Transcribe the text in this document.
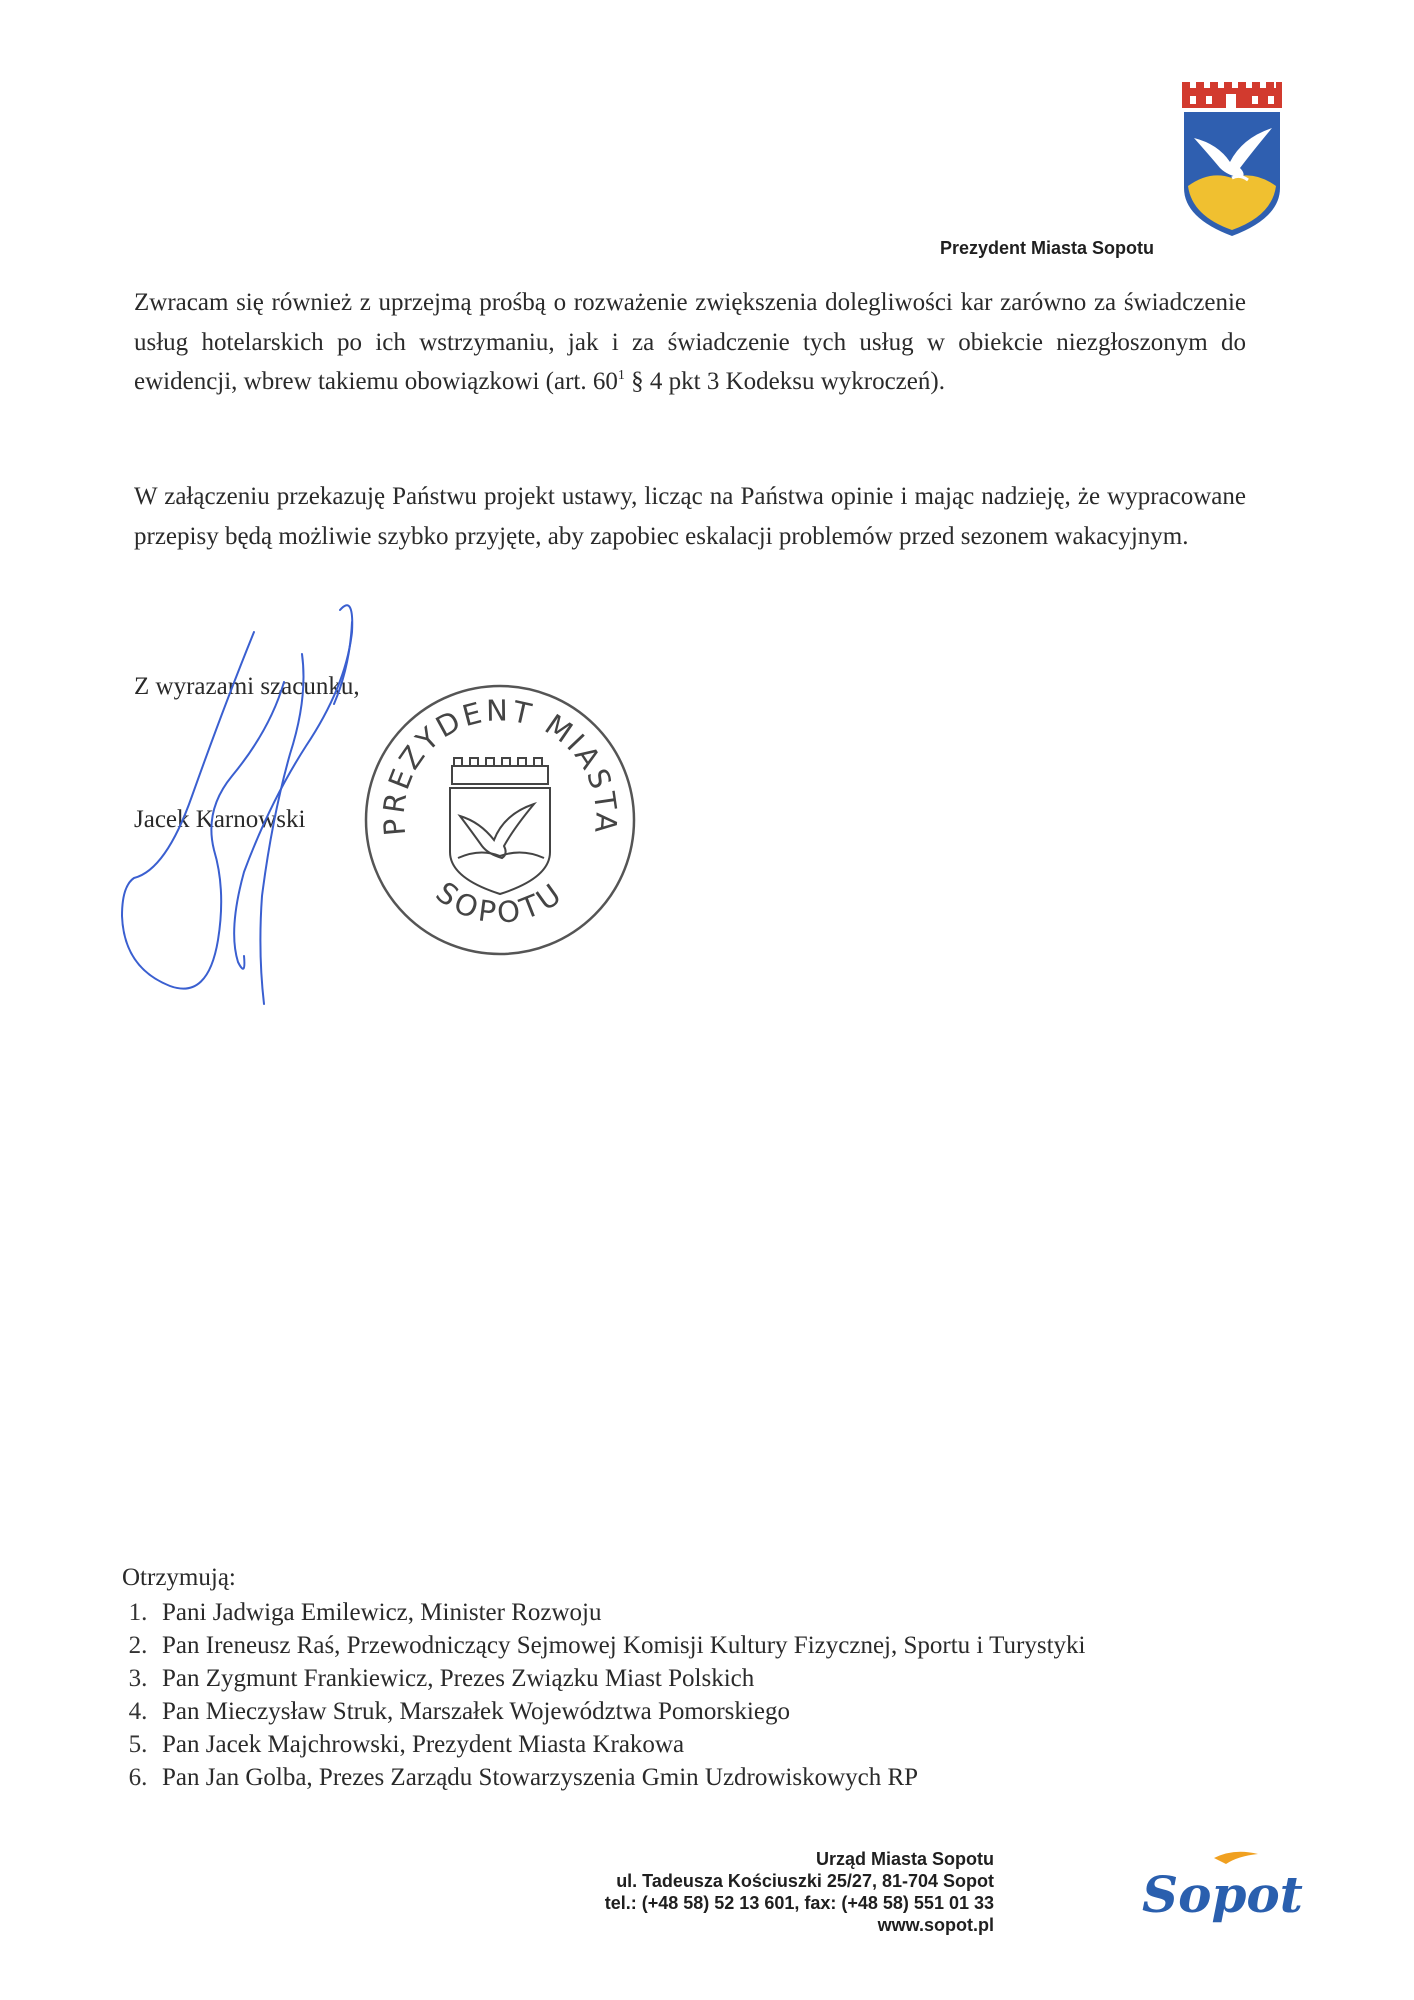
Prezydent Miasta Sopotu

Zwracam się również z uprzejmą prośbą o rozważenie zwiększenia dolegliwości kar zarówno za świadczenie usług hotelarskich po ich wstrzymaniu, jak i za świadczenie tych usług w obiekcie niezgłoszonym do ewidencji, wbrew takiemu obowiązkowi (art. $60^1$ § 4 pkt 3 Kodeksu wykroczeń).

W załączeniu przekazuję Państwu projekt ustawy, licząc na Państwa opinie i mając nadzieję, że wypracowane przepisy będą możliwie szybko przyjęte, aby zapobiec eskalacji problemów przed sezonem wakacyjnym.

Z wyrazami szacunku,
Jacek Karnowski PREZYDENT MIASTA
SOPOTU
Otrzymują:
1. Pani Jadwiga Emilewicz, Minister Rozwoju
2. Pan Ireneusz Raś, Przewodniczący Sejmowej Komisji Kultury Fizycznej, Sportu i Turystyki
3. Pan Zygmunt Frankiewicz, Prezes Związku Miast Polskich
4. Pan Mieczysław Struk, Marszałek Województwa Pomorskiego
5. Pan Jacek Majchrowski, Prezydent Miasta Krakowa
6. Pan Jan Golba, Prezes Zarządu Stowarzyszenia Gmin Uzdrowiskowych RP
Urząd Miasta Sopotu
ul. Tadeusza Kościuszki 25/27, 81-704 Sopot
tel.: (+48 58) 52 13 601, fax: (+48 58) 551 01 33
www.sopot.pl
Sopot
